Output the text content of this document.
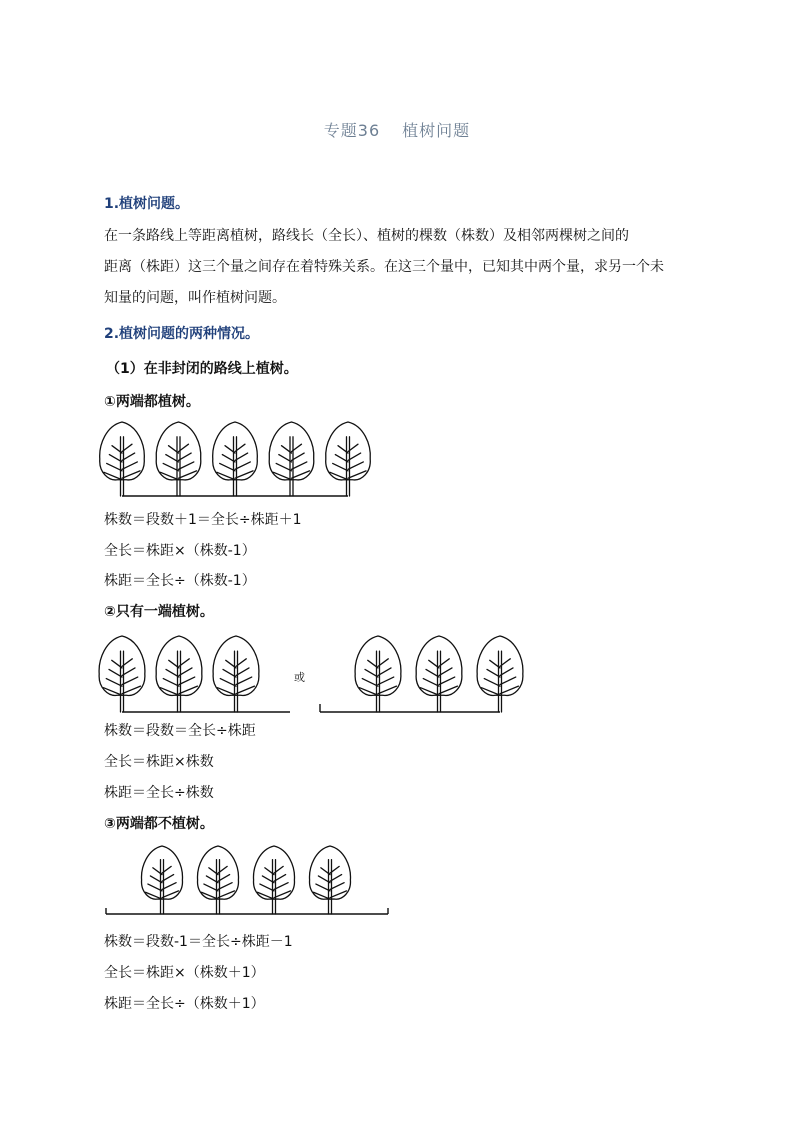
专题36 植树问题
1.植树问题。
在一条路线上等距离植树，路线长（全长）、植树的棵数（株数）及相邻两棵树之间的
距离（株距）这三个量之间存在着特殊关系。在这三个量中，已知其中两个量，求另一个未
知量的问题，叫作植树问题。
2.植树问题的两种情况。
（1）在非封闭的路线上植树。
①两端都植树。
株数＝段数＋1＝全长÷株距＋1
全长＝株距×（株数-1）
株距＝全长÷（株数-1）
②只有一端植树。
或
株数＝段数＝全长÷株距
全长＝株距×株数
株距＝全长÷株数
③两端都不植树。
株数＝段数-1＝全长÷株距－1
全长＝株距×（株数＋1）
株距＝全长÷（株数＋1）
